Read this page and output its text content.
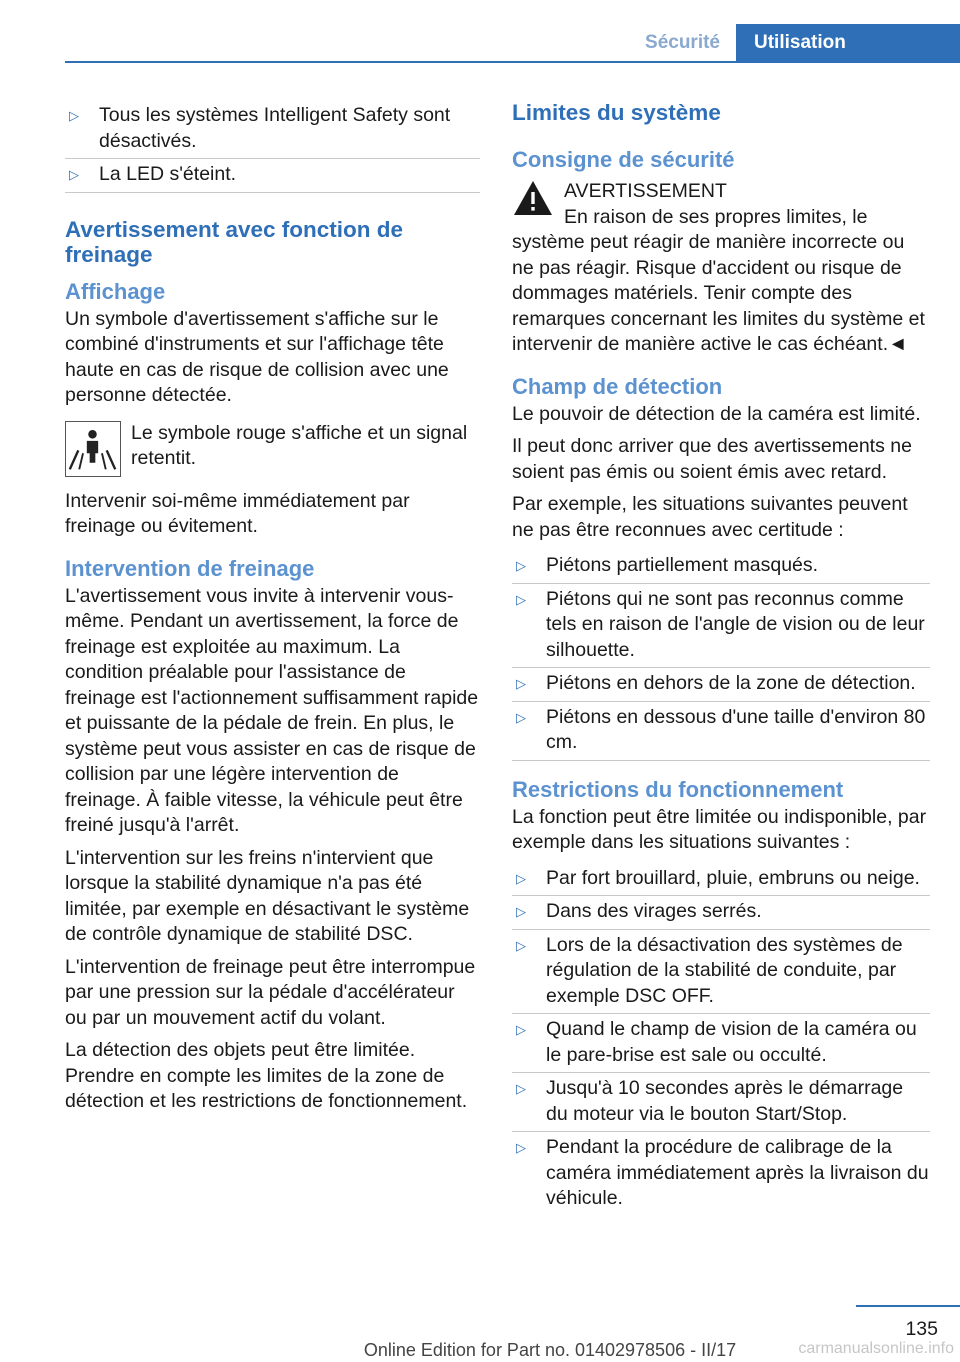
Sécurité	Utilisation
▷ Tous les systèmes Intelligent Safety sont désactivés.
▷ La LED s'éteint.
Avertissement avec fonction de freinage
Affichage

Un symbole d'avertissement s'affiche sur le combiné d'instruments et sur l'affichage tête haute en cas de risque de collision avec une personne détectée.

Le symbole rouge s'affiche et un signal retentit.

Intervenir soi-même immédiatement par freinage ou évitement.

Intervention de freinage

L'avertissement vous invite à intervenir vous-même. Pendant un avertissement, la force de freinage est exploitée au maximum. La condition préalable pour l'assistance de freinage est l'actionnement suffisamment rapide et puissante de la pédale de frein. En plus, le système peut vous assister en cas de risque de collision par une légère intervention de freinage. À faible vitesse, la véhicule peut être freiné jusqu'à l'arrêt.

L'intervention sur les freins n'intervient que lorsque la stabilité dynamique n'a pas été limitée, par exemple en désactivant le système de contrôle dynamique de stabilité DSC.

L'intervention de freinage peut être interrompue par une pression sur la pédale d'accélérateur ou par un mouvement actif du volant.

La détection des objets peut être limitée. Prendre en compte les limites de la zone de détection et les restrictions de fonctionnement.

Limites du système
Consigne de sécurité
AVERTISSEMENT

En raison de ses propres limites, le système peut réagir de manière incorrecte ou ne pas réagir. Risque d'accident ou risque de dommages matériels. Tenir compte des remarques concernant les limites du système et intervenir de manière active le cas échéant.◄

Champ de détection

Le pouvoir de détection de la caméra est limité.

Il peut donc arriver que des avertissements ne soient pas émis ou soient émis avec retard.

Par exemple, les situations suivantes peuvent ne pas être reconnues avec certitude :

▷ Piétons partiellement masqués.
▷ Piétons qui ne sont pas reconnus comme tels en raison de l'angle de vision ou de leur silhouette.
▷ Piétons en dehors de la zone de détection.
▷ Piétons en dessous d'une taille d'environ 80 cm.
Restrictions du fonctionnement

La fonction peut être limitée ou indisponible, par exemple dans les situations suivantes :

▷ Par fort brouillard, pluie, embruns ou neige.
▷ Dans des virages serrés.
▷ Lors de la désactivation des systèmes de régulation de la stabilité de conduite, par exemple DSC OFF.
▷ Quand le champ de vision de la caméra ou le pare-brise est sale ou occulté.
▷ Jusqu'à 10 secondes après le démarrage du moteur via le bouton Start/Stop.
▷ Pendant la procédure de calibrage de la caméra immédiatement après la livraison du véhicule.
135
Online Edition for Part no. 01402978506 - II/17	carmanualsonline.info
